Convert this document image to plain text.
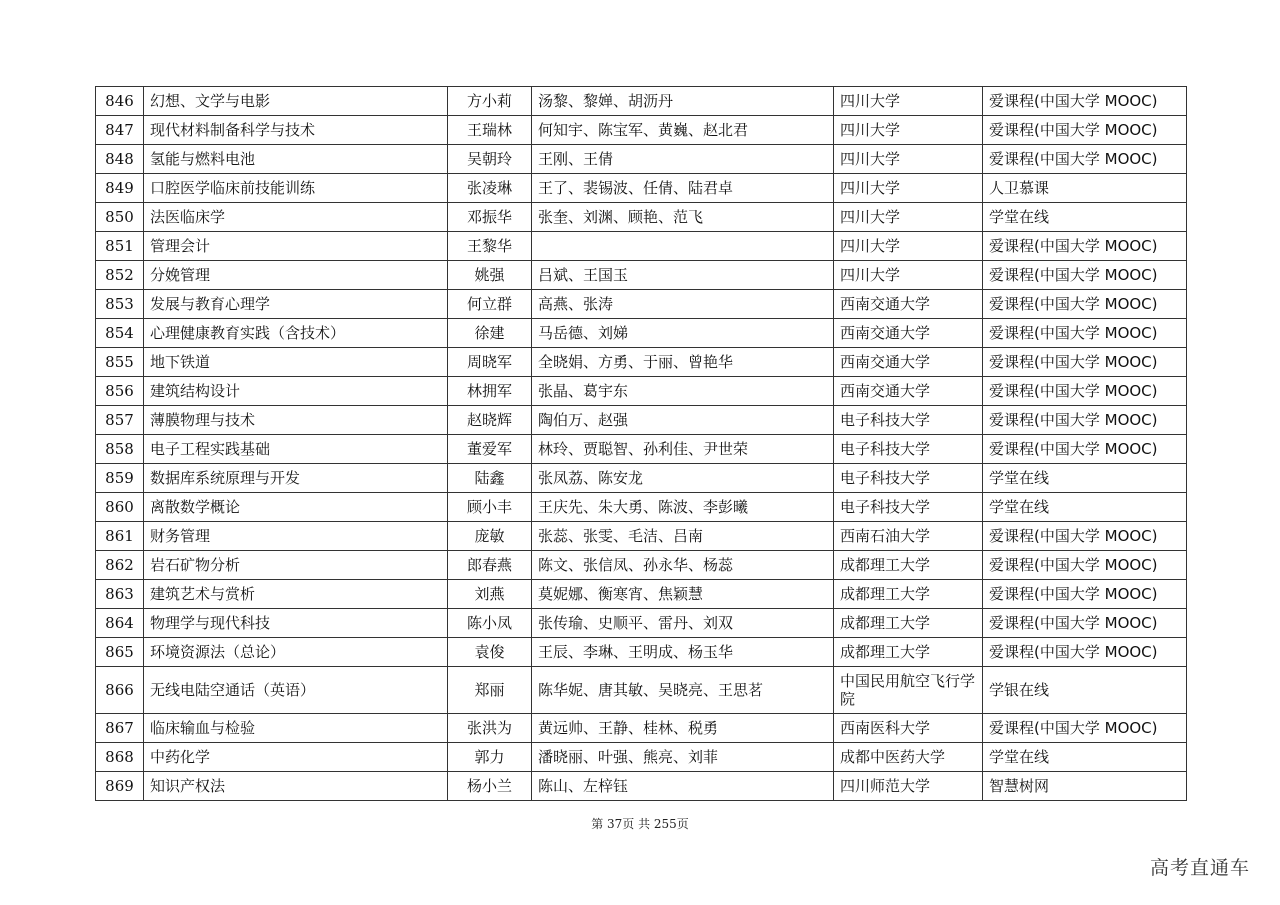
846	幻想、文学与电影	方小莉	汤黎、黎婵、胡沥丹	四川大学	爱课程(中国大学 MOOC)
847	现代材料制备科学与技术	王瑞林	何知宇、陈宝军、黄巍、赵北君	四川大学	爱课程(中国大学 MOOC)
848	氢能与燃料电池	吴朝玲	王刚、王倩	四川大学	爱课程(中国大学 MOOC)
849	口腔医学临床前技能训练	张凌琳	王了、裴锡波、任倩、陆君卓	四川大学	人卫慕课
850	法医临床学	邓振华	张奎、刘渊、顾艳、范飞	四川大学	学堂在线
851	管理会计	王黎华		四川大学	爱课程(中国大学 MOOC)
852	分娩管理	姚强	吕斌、王国玉	四川大学	爱课程(中国大学 MOOC)
853	发展与教育心理学	何立群	高燕、张涛	西南交通大学	爱课程(中国大学 MOOC)
854	心理健康教育实践（含技术）	徐建	马岳德、刘娣	西南交通大学	爱课程(中国大学 MOOC)
855	地下铁道	周晓军	全晓娟、方勇、于丽、曾艳华	西南交通大学	爱课程(中国大学 MOOC)
856	建筑结构设计	林拥军	张晶、葛宇东	西南交通大学	爱课程(中国大学 MOOC)
857	薄膜物理与技术	赵晓辉	陶伯万、赵强	电子科技大学	爱课程(中国大学 MOOC)
858	电子工程实践基础	董爱军	林玲、贾聪智、孙利佳、尹世荣	电子科技大学	爱课程(中国大学 MOOC)
859	数据库系统原理与开发	陆鑫	张凤荔、陈安龙	电子科技大学	学堂在线
860	离散数学概论	顾小丰	王庆先、朱大勇、陈波、李彭曦	电子科技大学	学堂在线
861	财务管理	庞敏	张蕊、张雯、毛洁、吕南	西南石油大学	爱课程(中国大学 MOOC)
862	岩石矿物分析	郎春燕	陈文、张信凤、孙永华、杨蕊	成都理工大学	爱课程(中国大学 MOOC)
863	建筑艺术与赏析	刘燕	莫妮娜、衡寒宵、焦颖慧	成都理工大学	爱课程(中国大学 MOOC)
864	物理学与现代科技	陈小凤	张传瑜、史顺平、雷丹、刘双	成都理工大学	爱课程(中国大学 MOOC)
865	环境资源法（总论）	袁俊	王辰、李琳、王明成、杨玉华	成都理工大学	爱课程(中国大学 MOOC)
866	无线电陆空通话（英语）	郑丽	陈华妮、唐其敏、吴晓亮、王思茗	中国民用航空飞行学院	学银在线
867	临床输血与检验	张洪为	黄远帅、王静、桂林、税勇	西南医科大学	爱课程(中国大学 MOOC)
868	中药化学	郭力	潘晓丽、叶强、熊亮、刘菲	成都中医药大学	学堂在线
869	知识产权法	杨小兰	陈山、左梓钰	四川师范大学	智慧树网
第 37页 共 255页
高考直通车
